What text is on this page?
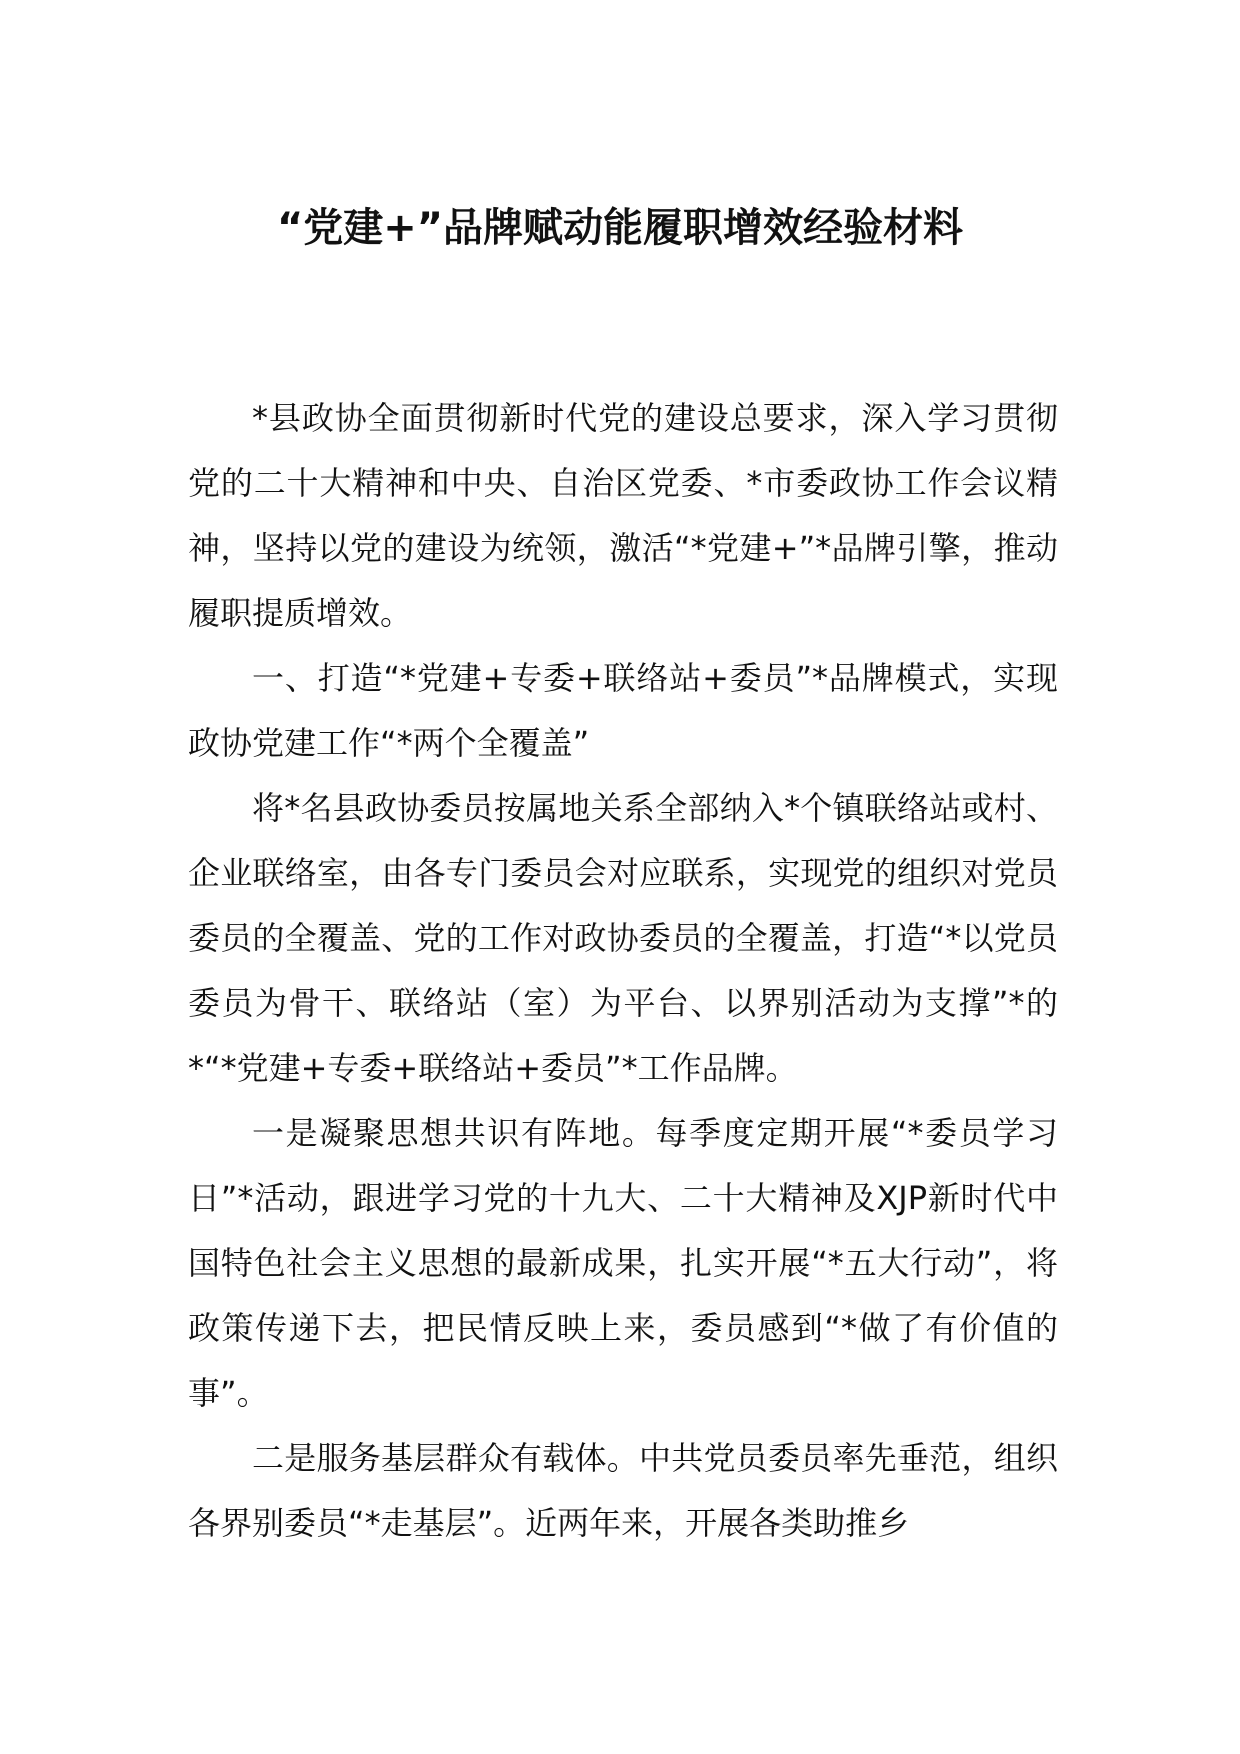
“党建+”品牌赋动能履职增效经验材料

*县政协全面贯彻新时代党的建设总要求，深入学习贯彻党的二十大精神和中央、自治区党委、*市委政协工作会议精神，坚持以党的建设为统领，激活“*党建+”*品牌引擎，推动履职提质增效。

一、打造“*党建+专委+联络站+委员”*品牌模式，实现政协党建工作“*两个全覆盖”

将*名县政协委员按属地关系全部纳入*个镇联络站或村、企业联络室，由各专门委员会对应联系，实现党的组织对党员委员的全覆盖、党的工作对政协委员的全覆盖，打造“*以党员委员为骨干、联络站（室）为平台、以界别活动为支撑”*的*“*党建+专委+联络站+委员”*工作品牌。

一是凝聚思想共识有阵地。每季度定期开展“*委员学习日”*活动，跟进学习党的十九大、二十大精神及XJP新时代中国特色社会主义思想的最新成果，扎实开展“*五大行动”，将政策传递下去，把民情反映上来，委员感到“*做了有价值的事”。

二是服务基层群众有载体。中共党员委员率先垂范，组织各界别委员“*走基层”。近两年来，开展各类助推乡
